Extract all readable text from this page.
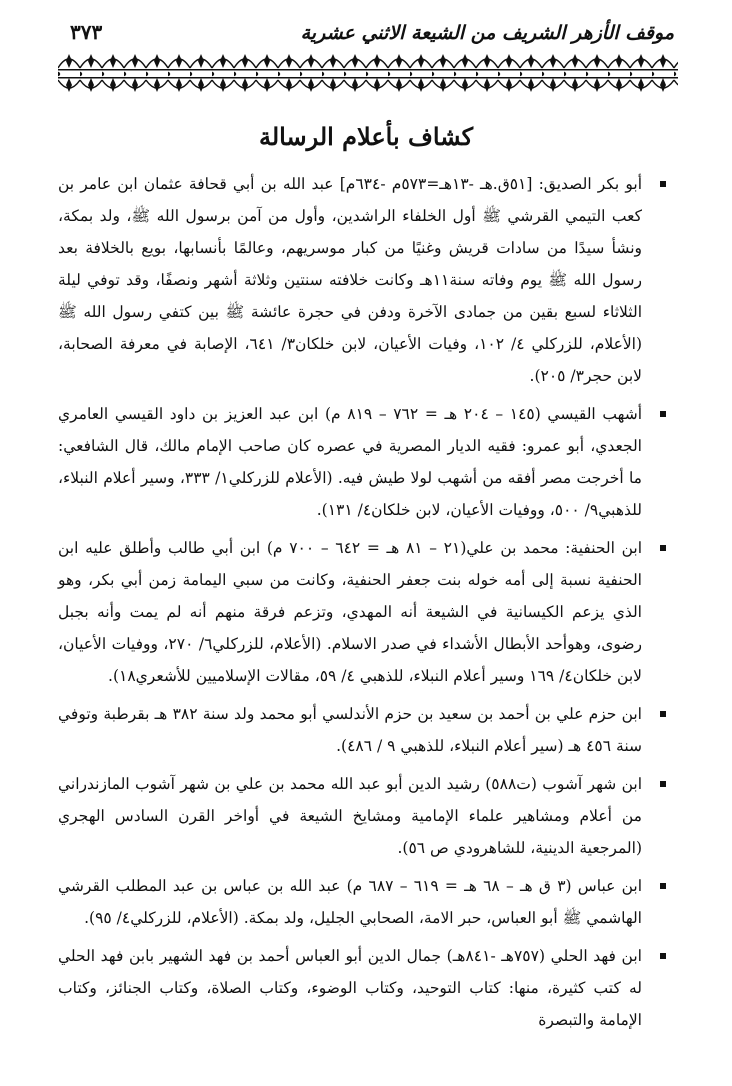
موقف الأزهر الشريف من الشيعة الاثني عشرية
٣٧٣
كشاف بأعلام الرسالة

أبو بكر الصديق: [٥١ق.هـ -١٣هـ=٥٧٣م -٦٣٤م] عبد الله بن أبي قحافة عثمان ابن عامر بن كعب التيمي القرشي ﷺ أول الخلفاء الراشدين، وأول من آمن برسول الله ﷺ، ولد بمكة، ونشأ سيدًا من سادات قريش وغنيًا من كبار موسريهم، وعالمًا بأنسابها، بويع بالخلافة بعد رسول الله ﷺ يوم وفاته سنة١١هـ وكانت خلافته سنتين وثلاثة أشهر ونصفًا، وقد توفي ليلة الثلاثاء لسبع بقين من جمادى الآخرة ودفن في حجرة عائشة ﷺ بين كتفي رسول الله ﷺ (الأعلام، للزركلي ٤/ ١٠٢، وفيات الأعيان، لابن خلكان٣/ ٦٤١، الإصابة في معرفة الصحابة، لابن حجر٣/ ٢٠٥).

أشهب القيسي (١٤٥ – ٢٠٤ هـ = ٧٦٢ – ٨١٩ م) ابن عبد العزيز بن داود القيسي العامري الجعدي، أبو عمرو: فقيه الديار المصرية في عصره كان صاحب الإمام مالك، قال الشافعي: ما أخرجت مصر أفقه من أشهب لولا طيش فيه. (الأعلام للزركلي١/ ٣٣٣، وسير أعلام النبلاء، للذهبي٩/ ٥٠٠، ووفيات الأعيان، لابن خلكان٤/ ١٣١).

ابن الحنفية: محمد بن علي(٢١ – ٨١ هـ = ٦٤٢ – ٧٠٠ م) ابن أبي طالب وأطلق عليه ابن الحنفية نسبة إلى أمه خوله بنت جعفر الحنفية، وكانت من سبي اليمامة زمن أبي بكر، وهو الذي يزعم الكيسانية في الشيعة أنه المهدي، وتزعم فرقة منهم أنه لم يمت وأنه بجبل رضوى، وهوأحد الأبطال الأشداء في صدر الاسلام. (الأعلام، للزركلي٦/ ٢٧٠، ووفيات الأعيان، لابن خلكان٤/ ١٦٩ وسير أعلام النبلاء، للذهبي ٤/ ٥٩، مقالات الإسلاميين للأشعري١٨).

ابن حزم علي بن أحمد بن سعيد بن حزم الأندلسي أبو محمد ولد سنة ٣٨٢ هـ بقرطبة وتوفي سنة ٤٥٦ هـ (سير أعلام النبلاء، للذهبي ٩ / ٤٨٦).

ابن شهر آشوب (ت٥٨٨) رشيد الدين أبو عبد الله محمد بن علي بن شهر آشوب المازندراني من أعلام ومشاهير علماء الإمامية ومشايخ الشيعة في أواخر القرن السادس الهجري (المرجعية الدينية، للشاهرودي ص ٥٦).

ابن عباس (٣ ق هـ – ٦٨ هـ = ٦١٩ – ٦٨٧ م) عبد الله بن عباس بن عبد المطلب القرشي الهاشمي ﷺ أبو العباس، حبر الامة، الصحابي الجليل، ولد بمكة. (الأعلام، للزركلي٤/ ٩٥).

ابن فهد الحلي (٧٥٧هـ -٨٤١هـ) جمال الدين أبو العباس أحمد بن فهد الشهير بابن فهد الحلي له كتب كثيرة، منها: كتاب التوحيد، وكتاب الوضوء، وكتاب الصلاة، وكتاب الجنائز، وكتاب الإمامة والتبصرة
